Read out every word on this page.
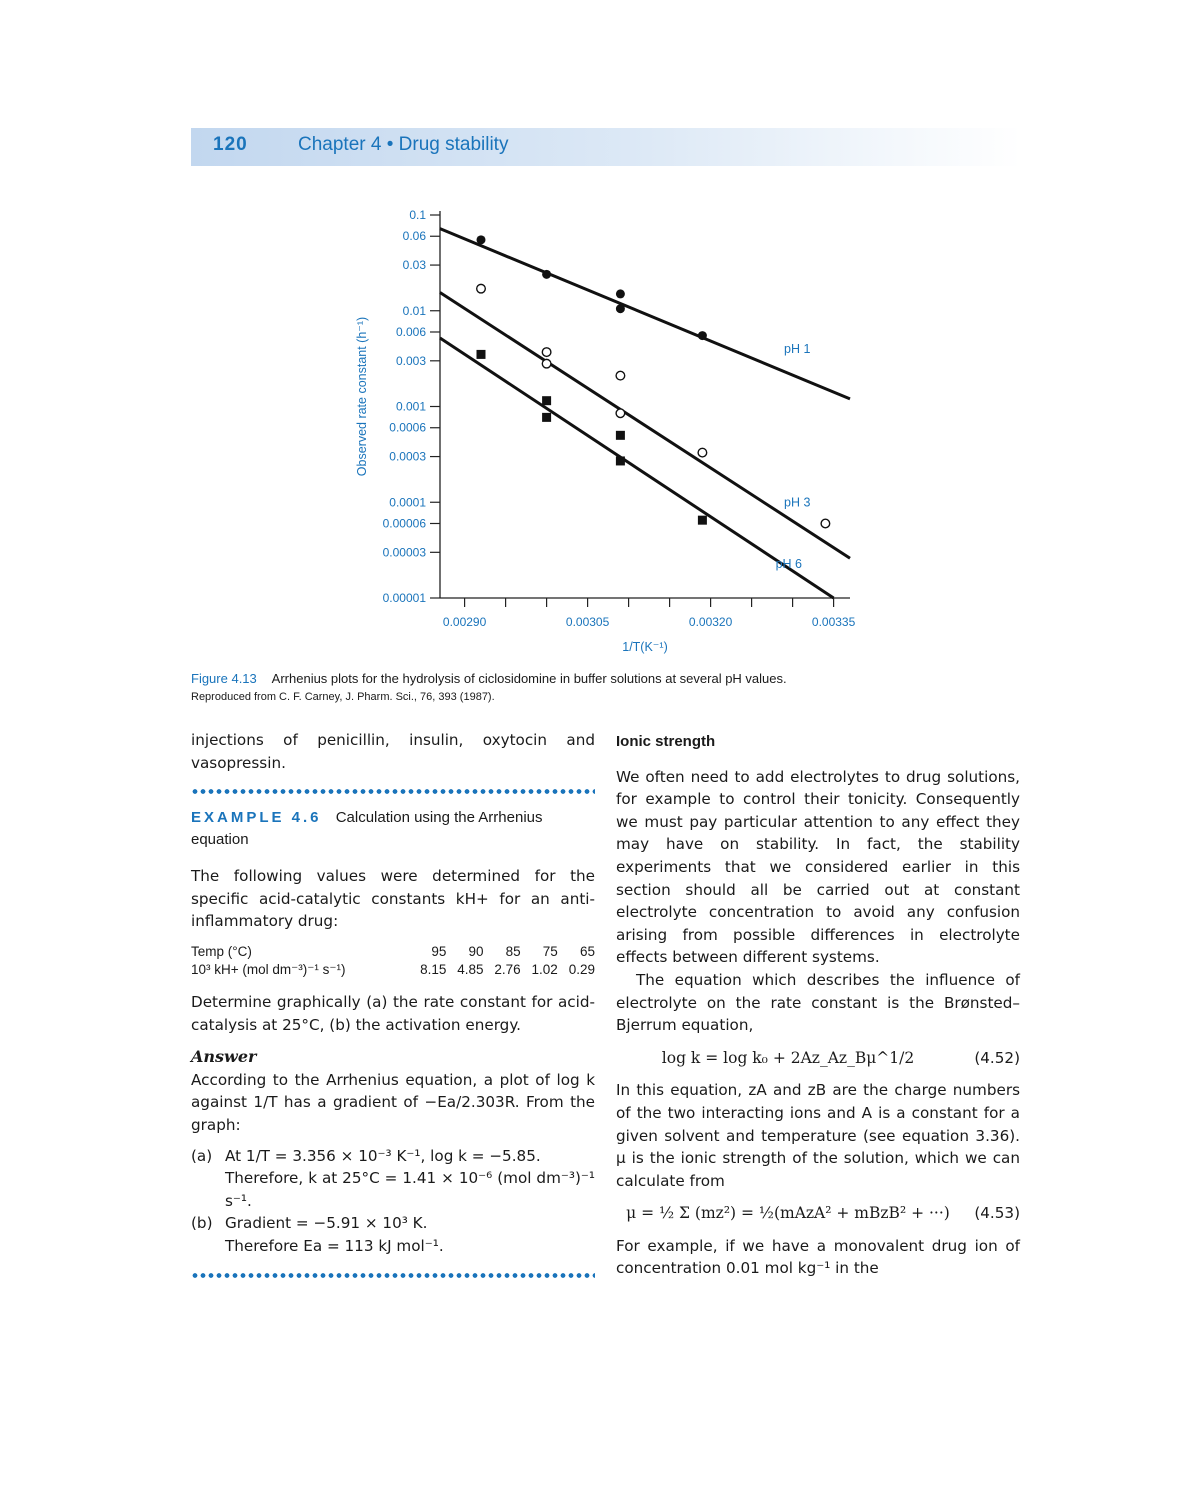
120	Chapter 4 • Drug stability
0.1
0.06
0.03
0.01
0.006
0.003
0.001
0.0006
0.0003
0.0001
0.00006
0.00003
0.00001
0.00290	0.00305	0.00320	0.00335
1/T(K⁻¹)
Observed rate constant (h⁻¹)	pH 1
pH 3
pH 6
Figure 4.13 Arrhenius plots for the hydrolysis of ciclosidomine in buffer solutions at several pH values.
Reproduced from C. F. Carney, J. Pharm. Sci., 76, 393 (1987).

injections of penicillin, insulin, oxytocin and vasopressin.

EXAMPLE 4.6 Calculation using the Arrhenius equation

The following values were determined for the specific acid-catalytic constants kH+ for an anti-inflammatory drug:

Temp (°C)	95	90	85	75	65
10³ kH+ (mol dm⁻³)⁻¹ s⁻¹)	8.15	4.85	2.76	1.02	0.29

Determine graphically (a) the rate constant for acid-catalysis at 25°C, (b) the activation energy.

Answer

According to the Arrhenius equation, a plot of log k against 1/T has a gradient of −Ea/2.303R. From the graph:

(a) At 1/T = 3.356 × 10⁻³ K⁻¹, log k = −5.85.

Therefore, k at 25°C = 1.41 × 10⁻⁶ (mol dm⁻³)⁻¹ s⁻¹.

(b) Gradient = −5.91 × 10³ K.

Therefore Ea = 113 kJ mol⁻¹.

Ionic strength

We often need to add electrolytes to drug solutions, for example to control their tonicity. Consequently we must pay particular attention to any effect they may have on stability. In fact, the stability experiments that we considered earlier in this section should all be carried out at constant electrolyte concentration to avoid any confusion arising from possible differences in electrolyte effects between different systems.

The equation which describes the influence of electrolyte on the rate constant is the Brønsted–Bjerrum equation,

log k = log k₀ + 2Az_Az_Bμ^1/2	(4.52)

In this equation, zA and zB are the charge numbers of the two interacting ions and A is a constant for a given solvent and temperature (see equation 3.36). μ is the ionic strength of the solution, which we can calculate from

μ = ½ Σ (mz²) = ½(mAzA² + mBzB² + ···)	(4.53)

For example, if we have a monovalent drug ion of concentration 0.01 mol kg⁻¹ in the
